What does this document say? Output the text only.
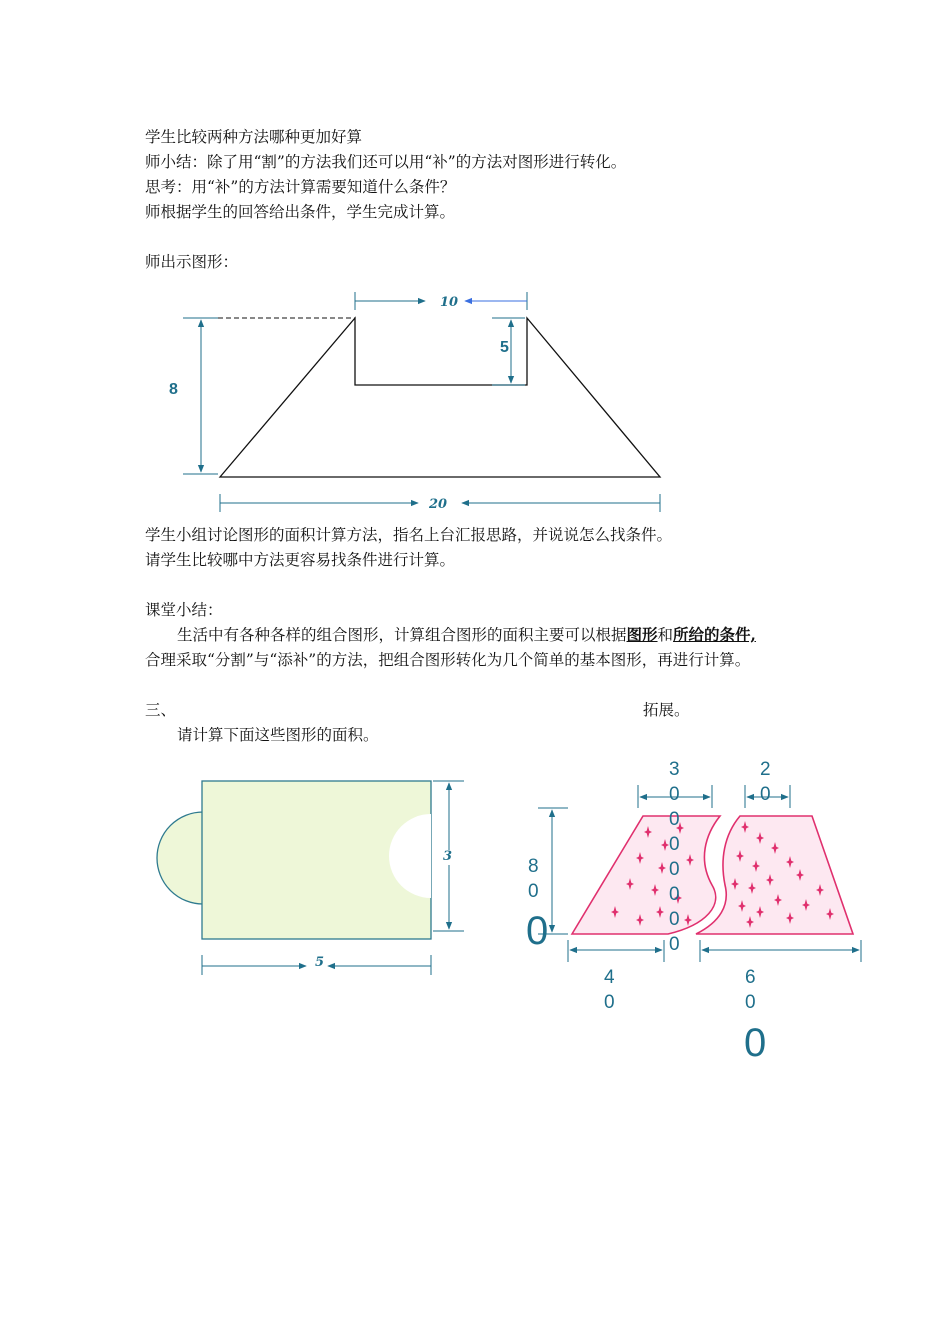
学生比较两种方法哪种更加好算
师小结：除了用“割”的方法我们还可以用“补”的方法对图形进行转化。
思考：用“补”的方法计算需要知道什么条件？
师根据学生的回答给出条件，学生完成计算。
师出示图形：
学生小组讨论图形的面积计算方法，指名上台汇报思路，并说说怎么找条件。
请学生比较哪中方法更容易找条件进行计算。
课堂小结：
生活中有各种各样的组合图形，计算组合图形的面积主要可以根据图形和所给的条件,
合理采取“分割”与“添补”的方法，把组合图形转化为几个简单的基本图形，再进行计算。
三、	拓展。
请计算下面这些图形的面积。
10
8
5
20
3
5
3
0
0
0
0
0
0
0
2
0
8
0
0
4
0
6
0
0
